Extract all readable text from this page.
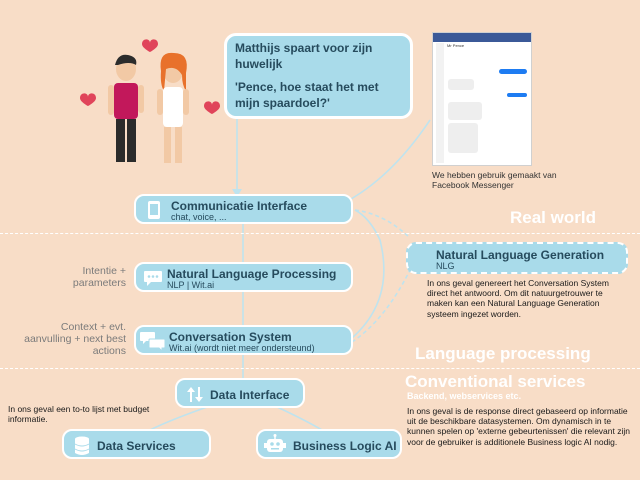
Real world
Language processing
Conventional services
Backend, webservices etc.
Matthijs spaart voor zijn huwelijk
'Pence, hoe staat het met mijn spaardoel?'
Mr Pence
We hebben gebruik gemaakt van Facebook Messenger
Communicatie Interface
chat, voice, ...
Intentie + parameters
Natural Language Processing
NLP | Wit.ai
Context + evt. aanvulling + next best actions
Conversation System
Wit.ai (wordt niet meer ondersteund)
Natural Language Generation
NLG
In ons geval genereert het Conversation System direct het antwoord. Om dit natuurgetrouwer te maken kan een Natural Language Generation systeem ingezet worden.
Data Interface
In ons geval een to-to lijst met budget informatie.
Data Services	Business Logic AI
In ons geval is de response direct gebaseerd op informatie uit de beschikbare datasystemen. Om dynamisch in te kunnen spelen op 'externe gebeurtenissen' die relevant zijn voor de gebruiker is additionele Business logic AI nodig.
